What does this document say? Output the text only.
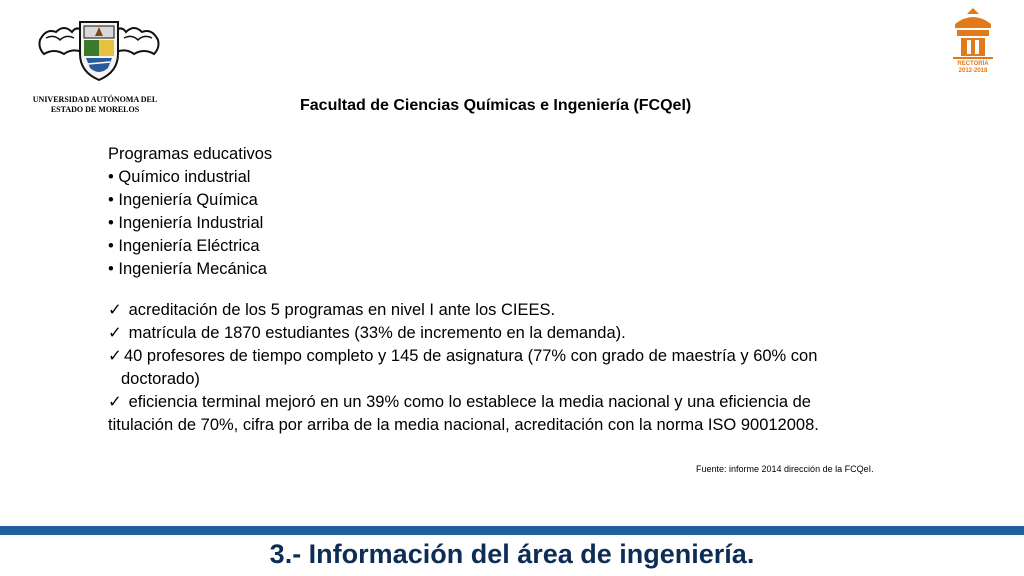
UNIVERSIDAD AUTÓNOMA DEL
ESTADO DE MORELOS
RECTORÍA
2012-2018
Facultad de Ciencias Químicas e Ingeniería (FCQeI)
Programas educativos
• Químico industrial
• Ingeniería Química
• Ingeniería Industrial
• Ingeniería Eléctrica
• Ingeniería Mecánica
✓ acreditación de los 5 programas en nivel I ante los CIEES.
✓ matrícula de 1870 estudiantes (33% de incremento en la demanda).
✓ 40 profesores de tiempo completo y 145 de asignatura (77% con grado de maestría y 60% con
doctorado)
✓ eficiencia terminal mejoró en un 39% como lo establece la media nacional y una eficiencia de
titulación de 70%, cifra por arriba de la media nacional, acreditación con la norma ISO 90012008.
Fuente: informe 2014 dirección de la FCQeI.
3.- Información del área de ingeniería.
